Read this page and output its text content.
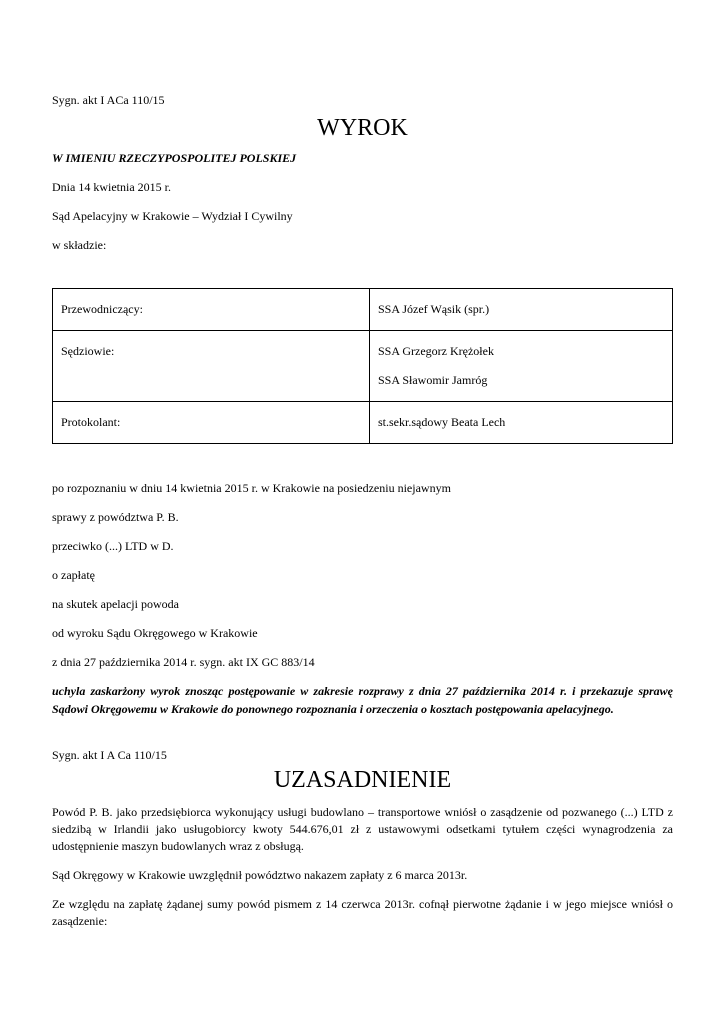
Sygn. akt I ACa 110/15
WYROK
W IMIENIU RZECZYPOSPOLITEJ POLSKIEJ
Dnia 14 kwietnia 2015 r.
Sąd Apelacyjny w Krakowie – Wydział I Cywilny
w składzie:
Przewodniczący:	SSA Józef Wąsik (spr.)

Sędziowie:	SSA Grzegorz Krężołek
SSA Sławomir Jamróg

Protokolant:	st.sekr.sądowy Beata Lech
po rozpoznaniu w dniu 14 kwietnia 2015 r. w Krakowie na posiedzeniu niejawnym
sprawy z powództwa P. B.
przeciwko (...) LTD w D.
o zapłatę
na skutek apelacji powoda
od wyroku Sądu Okręgowego w Krakowie
z dnia 27 października 2014 r. sygn. akt IX GC 883/14
uchyla zaskarżony wyrok znosząc postępowanie w zakresie rozprawy z dnia 27 października 2014 r. i przekazuje sprawę Sądowi Okręgowemu w Krakowie do ponownego rozpoznania i orzeczenia o kosztach postępowania apelacyjnego.
Sygn. akt I A Ca 110/15
UZASADNIENIE
Powód P. B. jako przedsiębiorca wykonujący usługi budowlano – transportowe wniósł o zasądzenie od pozwanego (...) LTD z siedzibą w Irlandii jako usługobiorcy kwoty 544.676,01 zł z ustawowymi odsetkami tytułem części wynagrodzenia za udostępnienie maszyn budowlanych wraz z obsługą.
Sąd Okręgowy w Krakowie uwzględnił powództwo nakazem zapłaty z 6 marca 2013r.
Ze względu na zapłatę żądanej sumy powód pismem z 14 czerwca 2013r. cofnął pierwotne żądanie i w jego miejsce wniósł o zasądzenie:
